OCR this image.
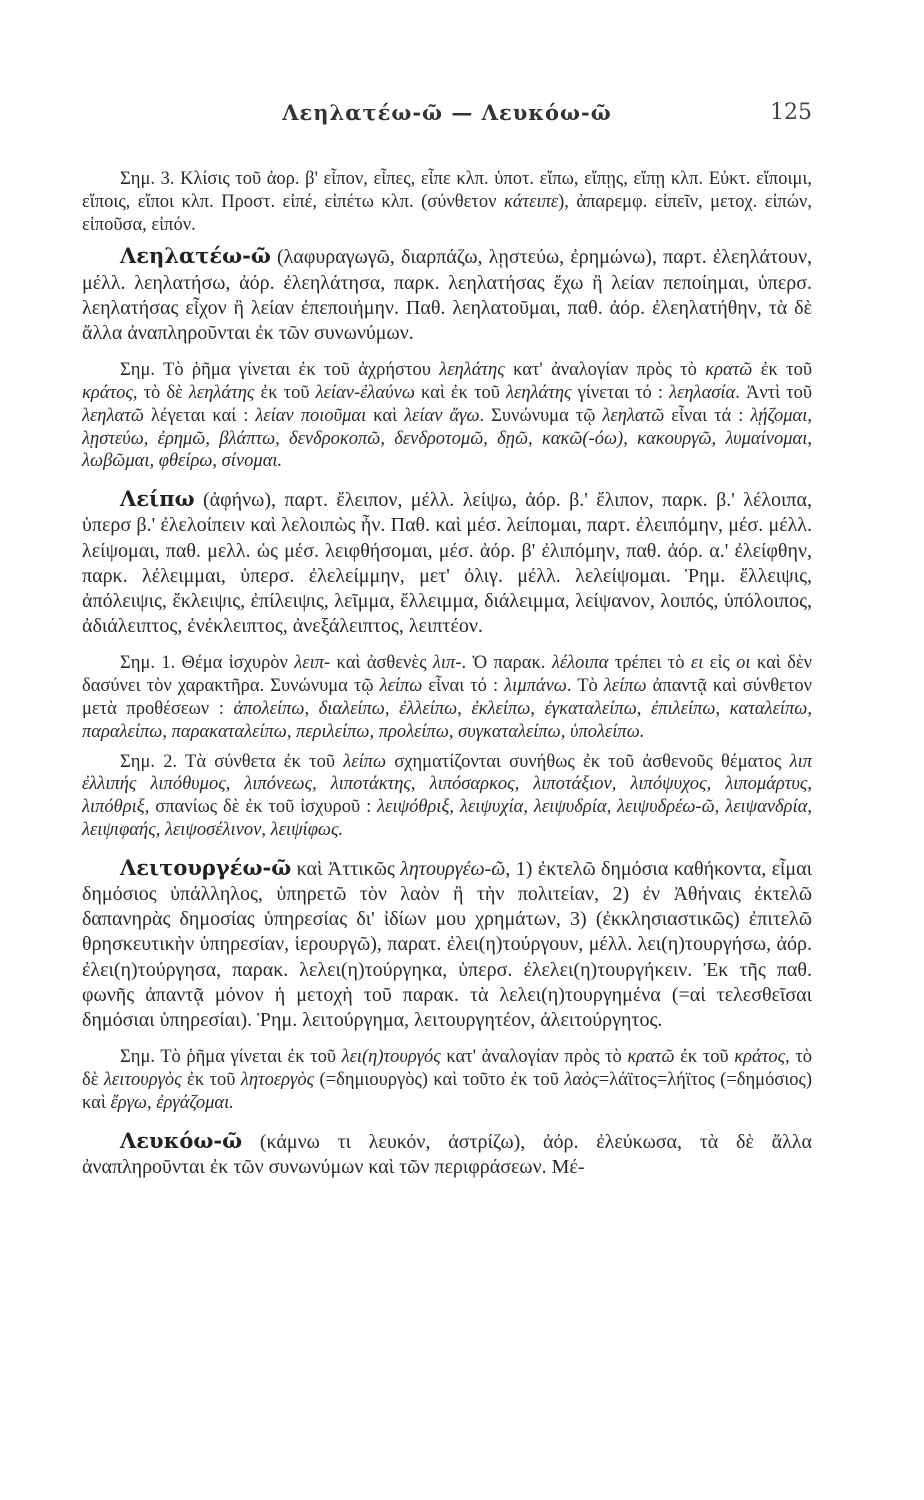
Λεηλατέω-ῶ — Λευκόω-ῶ	125

Σημ. 3. Κλίσις τοῦ ἀορ. β' εἶπον, εἶπες, εἶπε κλπ. ὑποτ. εἴπω, εἴπῃς, εἴπῃ κλπ. Εὐκτ. εἴποιμι, εἴποις, εἴποι κλπ. Προστ. εἰπέ, εἰπέτω κλπ. (σύνθετον κάτειπε), ἀπαρεμφ. εἰπεῖν, μετοχ. εἰπών, εἰποῦσα, εἰπόν.

Λεηλατέω-ῶ (λαφυραγωγῶ, διαρπάζω, λῃστεύω, ἐρημώνω), παρτ. ἐλεηλάτουν, μέλλ. λεηλατήσω, ἀόρ. ἐλεηλάτησα, παρκ. λεηλατήσας ἔχω ἢ λείαν πεποίημαι, ὑπερσ. λεηλατήσας εἶχον ἢ λείαν ἐπεποιήμην. Παθ. λεηλατοῦμαι, παθ. ἀόρ. ἐλεηλατήθην, τὰ δὲ ἄλλα ἀναπληροῦνται ἐκ τῶν συνωνύμων.

Σημ. Τὸ ῥῆμα γίνεται ἐκ τοῦ ἀχρήστου λεηλάτης κατ' ἀναλογίαν πρὸς τὸ κρατῶ ἐκ τοῦ κράτος, τὸ δὲ λεηλάτης ἐκ τοῦ λείαν-ἐλαύνω καὶ ἐκ τοῦ λεηλάτης γίνεται τό : λεηλασία. Ἀντὶ τοῦ λεηλατῶ λέγεται καί : λείαν ποιοῦμαι καὶ λείαν ἄγω. Συνώνυμα τῷ λεηλατῶ εἶναι τά : λῄζομαι, λῃστεύω, ἐρημῶ, βλάπτω, δενδροκοπῶ, δενδροτομῶ, δῃῶ, κακῶ(-όω), κακουργῶ, λυμαίνομαι, λωβῶμαι, φθείρω, σίνομαι.

Λείπω (ἀφήνω), παρτ. ἔλειπον, μέλλ. λείψω, ἀόρ. β.' ἔλιπον, παρκ. β.' λέλοιπα, ὑπερσ β.' ἐλελοίπειν καὶ λελοιπὼς ἦν. Παθ. καὶ μέσ. λείπομαι, παρτ. ἐλειπόμην, μέσ. μέλλ. λείψομαι, παθ. μελλ. ὡς μέσ. λειφθήσομαι, μέσ. ἀόρ. β' ἐλιπόμην, παθ. ἀόρ. α.' ἐλείφθην, παρκ. λέλειμμαι, ὑπερσ. ἐλελείμμην, μετ' ὀλιγ. μέλλ. λελείψομαι. Ῥημ. ἔλλειψις, ἀπόλειψις, ἔκλειψις, ἐπίλειψις, λεῖμμα, ἔλλειμμα, διάλειμμα, λείψανον, λοιπός, ὑπόλοιπος, ἀδιάλειπτος, ἐνέκλειπτος, ἀνεξάλειπτος, λειπτέον.

Σημ. 1. Θέμα ἰσχυρὸν λειπ- καὶ ἀσθενὲς λιπ-. Ὁ παρακ. λέλοιπα τρέπει τὸ ει εἰς οι καὶ δὲν δασύνει τὸν χαρακτῆρα. Συνώνυμα τῷ λείπω εἶναι τό : λιμπάνω. Τὸ λείπω ἀπαντᾷ καὶ σύνθετον μετὰ προθέσεων : ἀπολείπω, διαλείπω, ἐλλείπω, ἐκλείπω, ἐγκαταλείπω, ἐπιλείπω, καταλείπω, παραλείπω, παρακαταλείπω, περιλείπω, προλείπω, συγκαταλείπω, ὑπολείπω.

Σημ. 2. Τὰ σύνθετα ἐκ τοῦ λείπω σχηματίζονται συνήθως ἐκ τοῦ ἀσθενοῦς θέματος λιπ ἐλλιπής λιπόθυμος, λιπόνεως, λιποτάκτης, λιπόσαρκος, λιποτάξιον, λιπόψυχος, λιπομάρτυς, λιπόθριξ, σπανίως δὲ ἐκ τοῦ ἰσχυροῦ : λειψόθριξ, λειψυχία, λειψυδρία, λειψυδρέω-ῶ, λειψανδρία, λειψιφαής, λειψοσέλινον, λειψίφως.

Λειτουργέω-ῶ καὶ Ἀττικῶς λητουργέω-ῶ, 1) ἐκτελῶ δημόσια καθήκοντα, εἶμαι δημόσιος ὑπάλληλος, ὑπηρετῶ τὸν λαὸν ἢ τὴν πολιτείαν, 2) ἐν Ἀθήναις ἐκτελῶ δαπανηρὰς δημοσίας ὑπηρεσίας δι' ἰδίων μου χρημάτων, 3) (ἐκκλησιαστικῶς) ἐπιτελῶ θρησκευτικὴν ὑπηρεσίαν, ἱερουργῶ), παρατ. ἐλει(η)τούργουν, μέλλ. λει(η)τουργήσω, ἀόρ. ἐλει(η)τούργησα, παρακ. λελει(η)τούργηκα, ὑπερσ. ἐλελει(η)τουργήκειν. Ἐκ τῆς παθ. φωνῆς ἀπαντᾷ μόνον ἡ μετοχὴ τοῦ παρακ. τὰ λελει(η)τουργημένα (=αἱ τελεσθεῖσαι δημόσιαι ὑπηρεσίαι). Ῥημ. λειτούργημα, λειτουργητέον, ἀλειτούργητος.

Σημ. Τὸ ῥῆμα γίνεται ἐκ τοῦ λει(η)τουργός κατ' ἀναλογίαν πρὸς τὸ κρατῶ ἐκ τοῦ κράτος, τὸ δὲ λειτουργὸς ἐκ τοῦ λητοεργὸς (=δημιουργὸς) καὶ τοῦτο ἐκ τοῦ λαὸς=λάϊτος=λήϊτος (=δημόσιος) καὶ ἔργω, ἐργάζομαι.

Λευκόω-ῶ (κάμνω τι λευκόν, ἀστρίζω), ἀόρ. ἐλεύκωσα, τὰ δὲ ἄλλα ἀναπληροῦνται ἐκ τῶν συνωνύμων καὶ τῶν περιφράσεων. Μέ-
